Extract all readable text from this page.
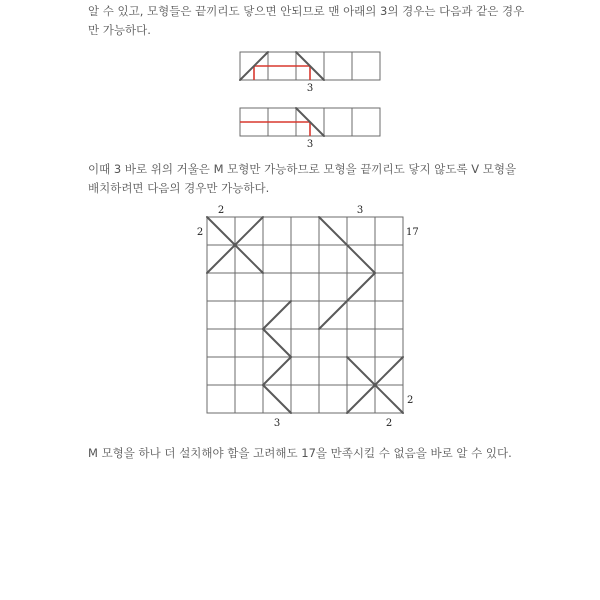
알 수 있고, 모형들은 끝끼리도 닿으면 안되므로 맨 아래의 3의 경우는 다음과 같은 경우만 가능하다.

3
3
2	3
2	17
2
3	2

이때 3 바로 위의 거울은 M 모형만 가능하므로 모형을 끝끼리도 닿지 않도록 V 모형을 배치하려면 다음의 경우만 가능하다.

M 모형을 하나 더 설치해야 함을 고려해도 17을 만족시킬 수 없음을 바로 알 수 있다.
